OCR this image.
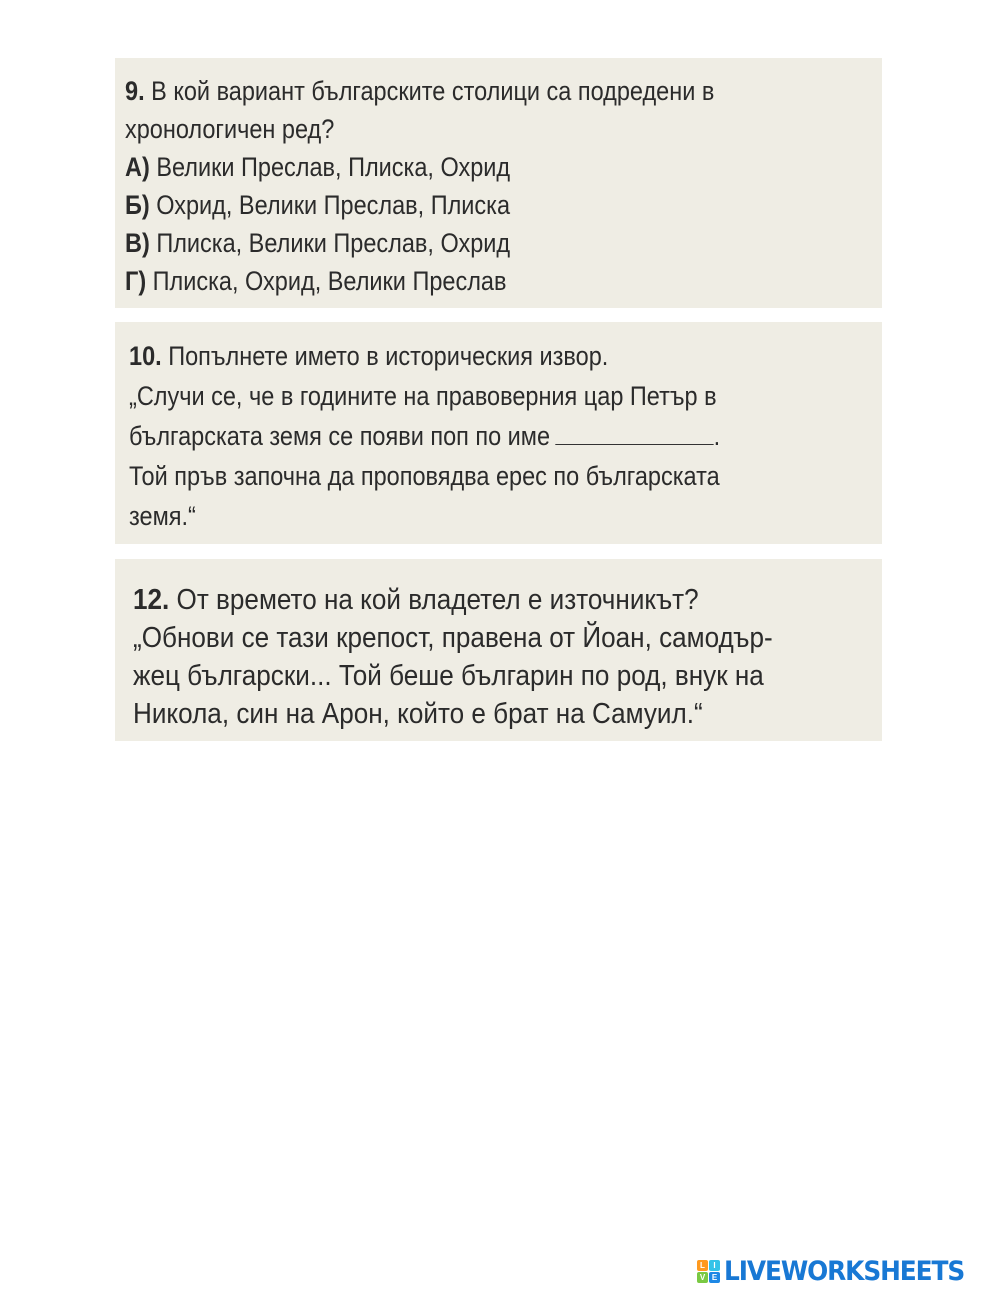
9. В кой вариант българските столици са подредени в
хронологичен ред?
А) Велики Преслав, Плиска, Охрид
Б) Охрид, Велики Преслав, Плиска
В) Плиска, Велики Преслав, Охрид
Г) Плиска, Охрид, Велики Преслав
10. Попълнете името в историческия извор.
„Случи се, че в годините на правоверния цар Петър в
българската земя се появи поп по име	.
Той пръв започна да проповядва ерес по българската
земя.“
12. От времето на кой владетел е източникът?
„Обнови се тази крепост, правена от Йоан, самодър-
жец български... Той беше българин по род, внук на
Никола, син на Арон, който е брат на Самуил.“
L	I
V E LIVEWORKSHEETS
